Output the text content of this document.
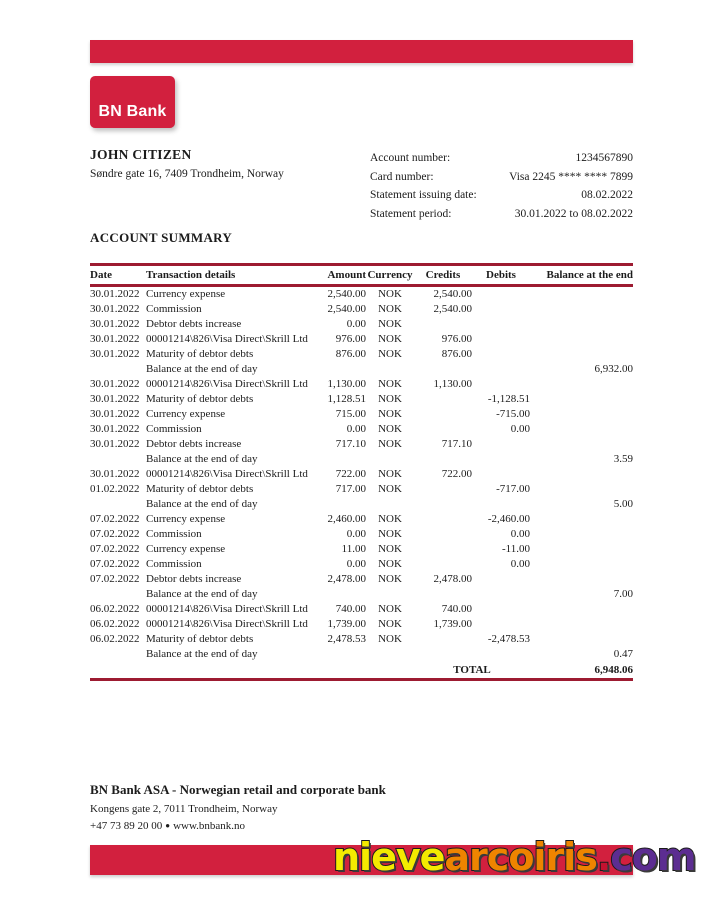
BN Bank
JOHN CITIZEN
Søndre gate 16, 7409 Trondheim, Norway
Account number:	1234567890
Card number:	Visa 2245 **** **** 7899
Statement issuing date:	08.02.2022
Statement period:	30.01.2022 to 08.02.2022
ACCOUNT SUMMARY
Date	Transaction details	Amount	Currency	Credits	Debits	Balance at the end
30.01.2022	Currency expense	2,540.00	NOK	2,540.00		
30.01.2022	Commission	2,540.00	NOK	2,540.00		
30.01.2022	Debtor debts increase	0.00	NOK			
30.01.2022	00001214\826\Visa Direct\Skrill Ltd	976.00	NOK	976.00		
30.01.2022	Maturity of debtor debts	876.00	NOK	876.00		
	Balance at the end of day					6,932.00
30.01.2022	00001214\826\Visa Direct\Skrill Ltd	1,130.00	NOK	1,130.00		
30.01.2022	Maturity of debtor debts	1,128.51	NOK		-1,128.51	
30.01.2022	Currency expense	715.00	NOK		-715.00	
30.01.2022	Commission	0.00	NOK		0.00	
30.01.2022	Debtor debts increase	717.10	NOK	717.10		
	Balance at the end of day					3.59
30.01.2022	00001214\826\Visa Direct\Skrill Ltd	722.00	NOK	722.00		
01.02.2022	Maturity of debtor debts	717.00	NOK		-717.00	
	Balance at the end of day					5.00
07.02.2022	Currency expense	2,460.00	NOK		-2,460.00	
07.02.2022	Commission	0.00	NOK		0.00	
07.02.2022	Currency expense	11.00	NOK		-11.00	
07.02.2022	Commission	0.00	NOK		0.00	
07.02.2022	Debtor debts increase	2,478.00	NOK	2,478.00		
	Balance at the end of day					7.00
06.02.2022	00001214\826\Visa Direct\Skrill Ltd	740.00	NOK	740.00		
06.02.2022	00001214\826\Visa Direct\Skrill Ltd	1,739.00	NOK	1,739.00		
06.02.2022	Maturity of debtor debts	2,478.53	NOK		-2,478.53	
	Balance at the end of day					0.47
				TOTAL		6,948.06
BN Bank ASA - Norwegian retail and corporate bank
Kongens gate 2, 7011 Trondheim, Norway
+47 73 89 20 00 ● www.bnbank.no
nievearcoiris.com
